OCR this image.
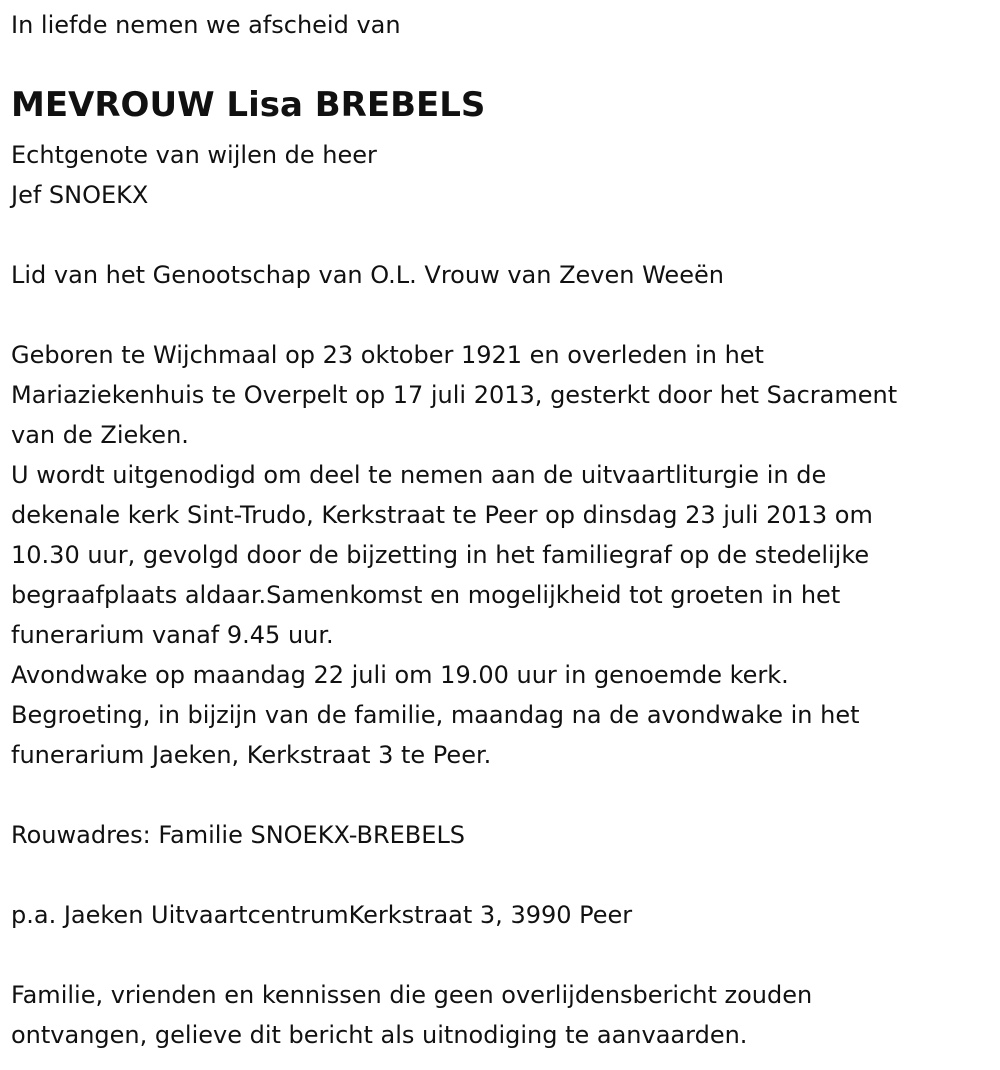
In liefde nemen we afscheid van
MEVROUW Lisa BREBELS
Echtgenote van wijlen de heer
Jef SNOEKX
Lid van het Genootschap van O.L. Vrouw van Zeven Weeën
Geboren te Wijchmaal op 23 oktober 1921 en overleden in het
Mariaziekenhuis te Overpelt op 17 juli 2013, gesterkt door het Sacrament
van de Zieken.
U wordt uitgenodigd om deel te nemen aan de uitvaartliturgie in de
dekenale kerk Sint-Trudo, Kerkstraat te Peer op dinsdag 23 juli 2013 om
10.30 uur, gevolgd door de bijzetting in het familiegraf op de stedelijke
begraafplaats aldaar.Samenkomst en mogelijkheid tot groeten in het
funerarium vanaf 9.45 uur.
Avondwake op maandag 22 juli om 19.00 uur in genoemde kerk.
Begroeting, in bijzijn van de familie, maandag na de avondwake in het
funerarium Jaeken, Kerkstraat 3 te Peer.
Rouwadres: Familie SNOEKX-BREBELS
p.a. Jaeken UitvaartcentrumKerkstraat 3, 3990 Peer
Familie, vrienden en kennissen die geen overlijdensbericht zouden
ontvangen, gelieve dit bericht als uitnodiging te aanvaarden.
